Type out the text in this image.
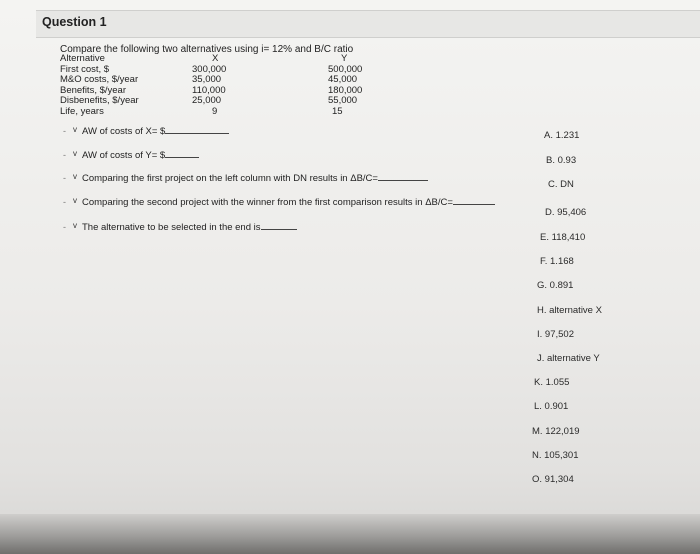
Question 1
Compare the following two alternatives using i= 12% and B/C ratio
Alternative	X	Y
First cost, $	300,000	500,000
M&O costs, $/year	35,000	45,000
Benefits, $/year	110,000	180,000
Disbenefits, $/year	25,000	55,000
Life, years	9	15
- v AW of costs of X= $
- v AW of costs of Y= $
- v Comparing the first project on the left column with DN results in ΔB/C=
- v Comparing the second project with the winner from the first comparison results in ΔB/C=
- v The alternative to be selected in the end is
A. 1.231
B. 0.93
C. DN
D. 95,406
E. 118,410
F. 1.168
G. 0.891
H. alternative X
I. 97,502
J. alternative Y
K. 1.055
L. 0.901
M. 122,019
N. 105,301
O. 91,304
